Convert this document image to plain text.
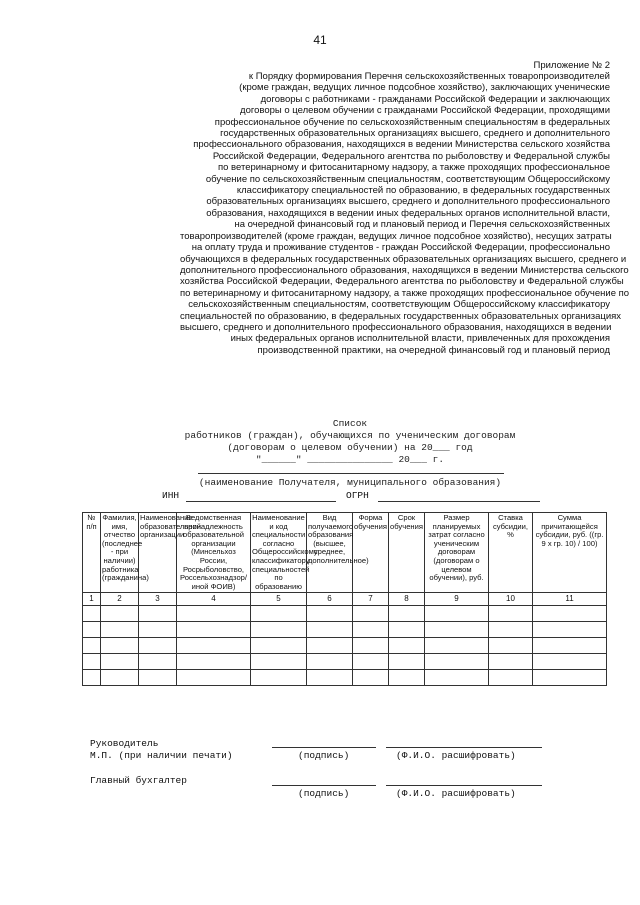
41
Приложение № 2
к Порядку формирования Перечня сельскохозяйственных товаропроизводителей
(кроме граждан, ведущих личное подсобное хозяйство), заключающих ученические
договоры с работниками - гражданами Российской Федерации и заключающих
договоры о целевом обучении с гражданами Российской Федерации, проходящими
профессиональное обучение по сельскохозяйственным специальностям в федеральных
государственных образовательных организациях высшего, среднего и дополнительного
профессионального образования, находящихся в ведении Министерства сельского хозяйства
Российской Федерации, Федерального агентства по рыболовству и Федеральной службы
по ветеринарному и фитосанитарному надзору, а также проходящих профессиональное
обучение по сельскохозяйственным специальностям, соответствующим Общероссийскому
классификатору специальностей по образованию, в федеральных государственных
образовательных организациях высшего, среднего и дополнительного профессионального
образования, находящихся в ведении иных федеральных органов исполнительной власти,
на очередной финансовый год и плановый период и Перечня сельскохозяйственных
товаропроизводителей (кроме граждан, ведущих личное подсобное хозяйство), несущих затраты
на оплату труда и проживание студентов - граждан Российской Федерации, профессионально
обучающихся в федеральных государственных образовательных организациях высшего, среднего и
дополнительного профессионального образования, находящихся в ведении Министерства сельского
хозяйства Российской Федерации, Федерального агентства по рыболовству и Федеральной службы
по ветеринарному и фитосанитарному надзору, а также проходящих профессиональное обучение по
сельскохозяйственным специальностям, соответствующим Общероссийскому классификатору
специальностей по образованию, в федеральных государственных образовательных организациях
высшего, среднего и дополнительного профессионального образования, находящихся в ведении
иных федеральных органов исполнительной власти, привлеченных для прохождения
производственной практики, на очередной финансовый год и плановый период
Список
работников (граждан), обучающихся по ученическим договорам
(договорам о целевом обучении) на 20___ год
"______" _______________ 20___ г.
(наименование Получателя, муниципального образования)
ИНН	ОГРН
№ п/п	Фамилия, имя, отчество (последнее - при наличии) работника (гражданина)	Наименование образовательной организации	Ведомственная принадлежность образовательной организации (Минсельхоз России, Росрыболовство, Россельхознадзор/иной ФОИВ)	Наименование и код специальности согласно Общероссийскому классификатору специальностей по образованию	Вид получаемого образования (высшее, среднее, дополнительное)	Форма обучения	Срок обучения	Размер планируемых затрат согласно ученическим договорам (договорам о целевом обучении), руб.	Ставка субсидии, %	Сумма причитающейся субсидии, руб. ((гр. 9 х гр. 10) / 100)
1	2	3	4	5	6	7	8	9	10	11

Руководитель
М.П. (при наличии печати)	(подпись)	(Ф.И.О. расшифровать)
Главный бухгалтер
(подпись)	(Ф.И.О. расшифровать)
